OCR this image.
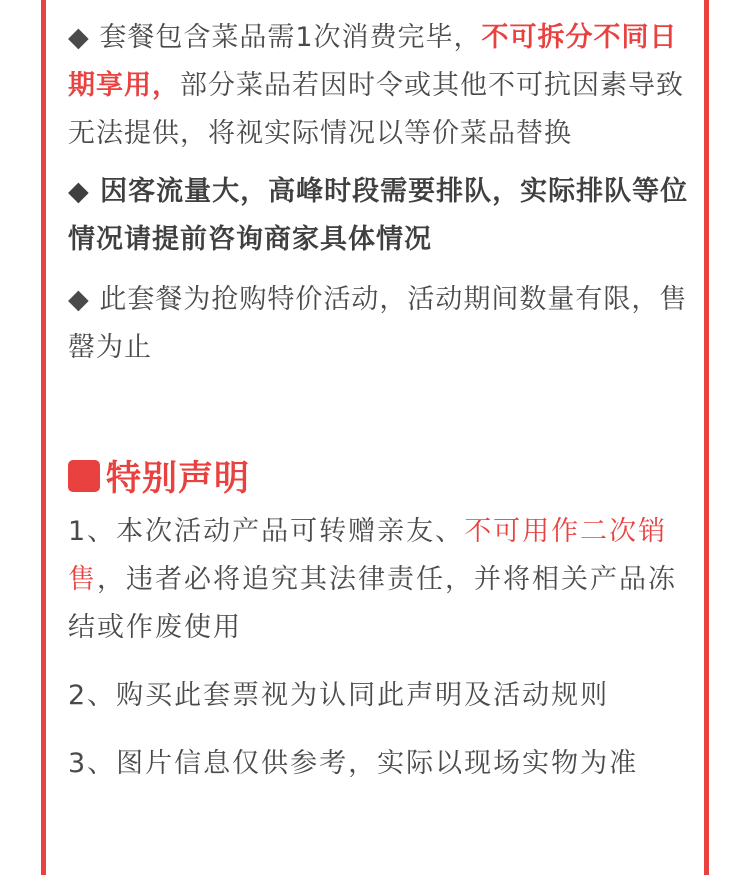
◆ 套餐包含菜品需1次消费完毕，不可拆分不同日期享用，部分菜品若因时令或其他不可抗因素导致无法提供，将视实际情况以等价菜品替换

◆ 因客流量大，高峰时段需要排队，实际排队等位情况请提前咨询商家具体情况

◆ 此套餐为抢购特价活动，活动期间数量有限，售罄为止

特别声明

1、本次活动产品可转赠亲友、不可用作二次销售，违者必将追究其法律责任，并将相关产品冻结或作废使用

2、购买此套票视为认同此声明及活动规则

3、图片信息仅供参考，实际以现场实物为准
